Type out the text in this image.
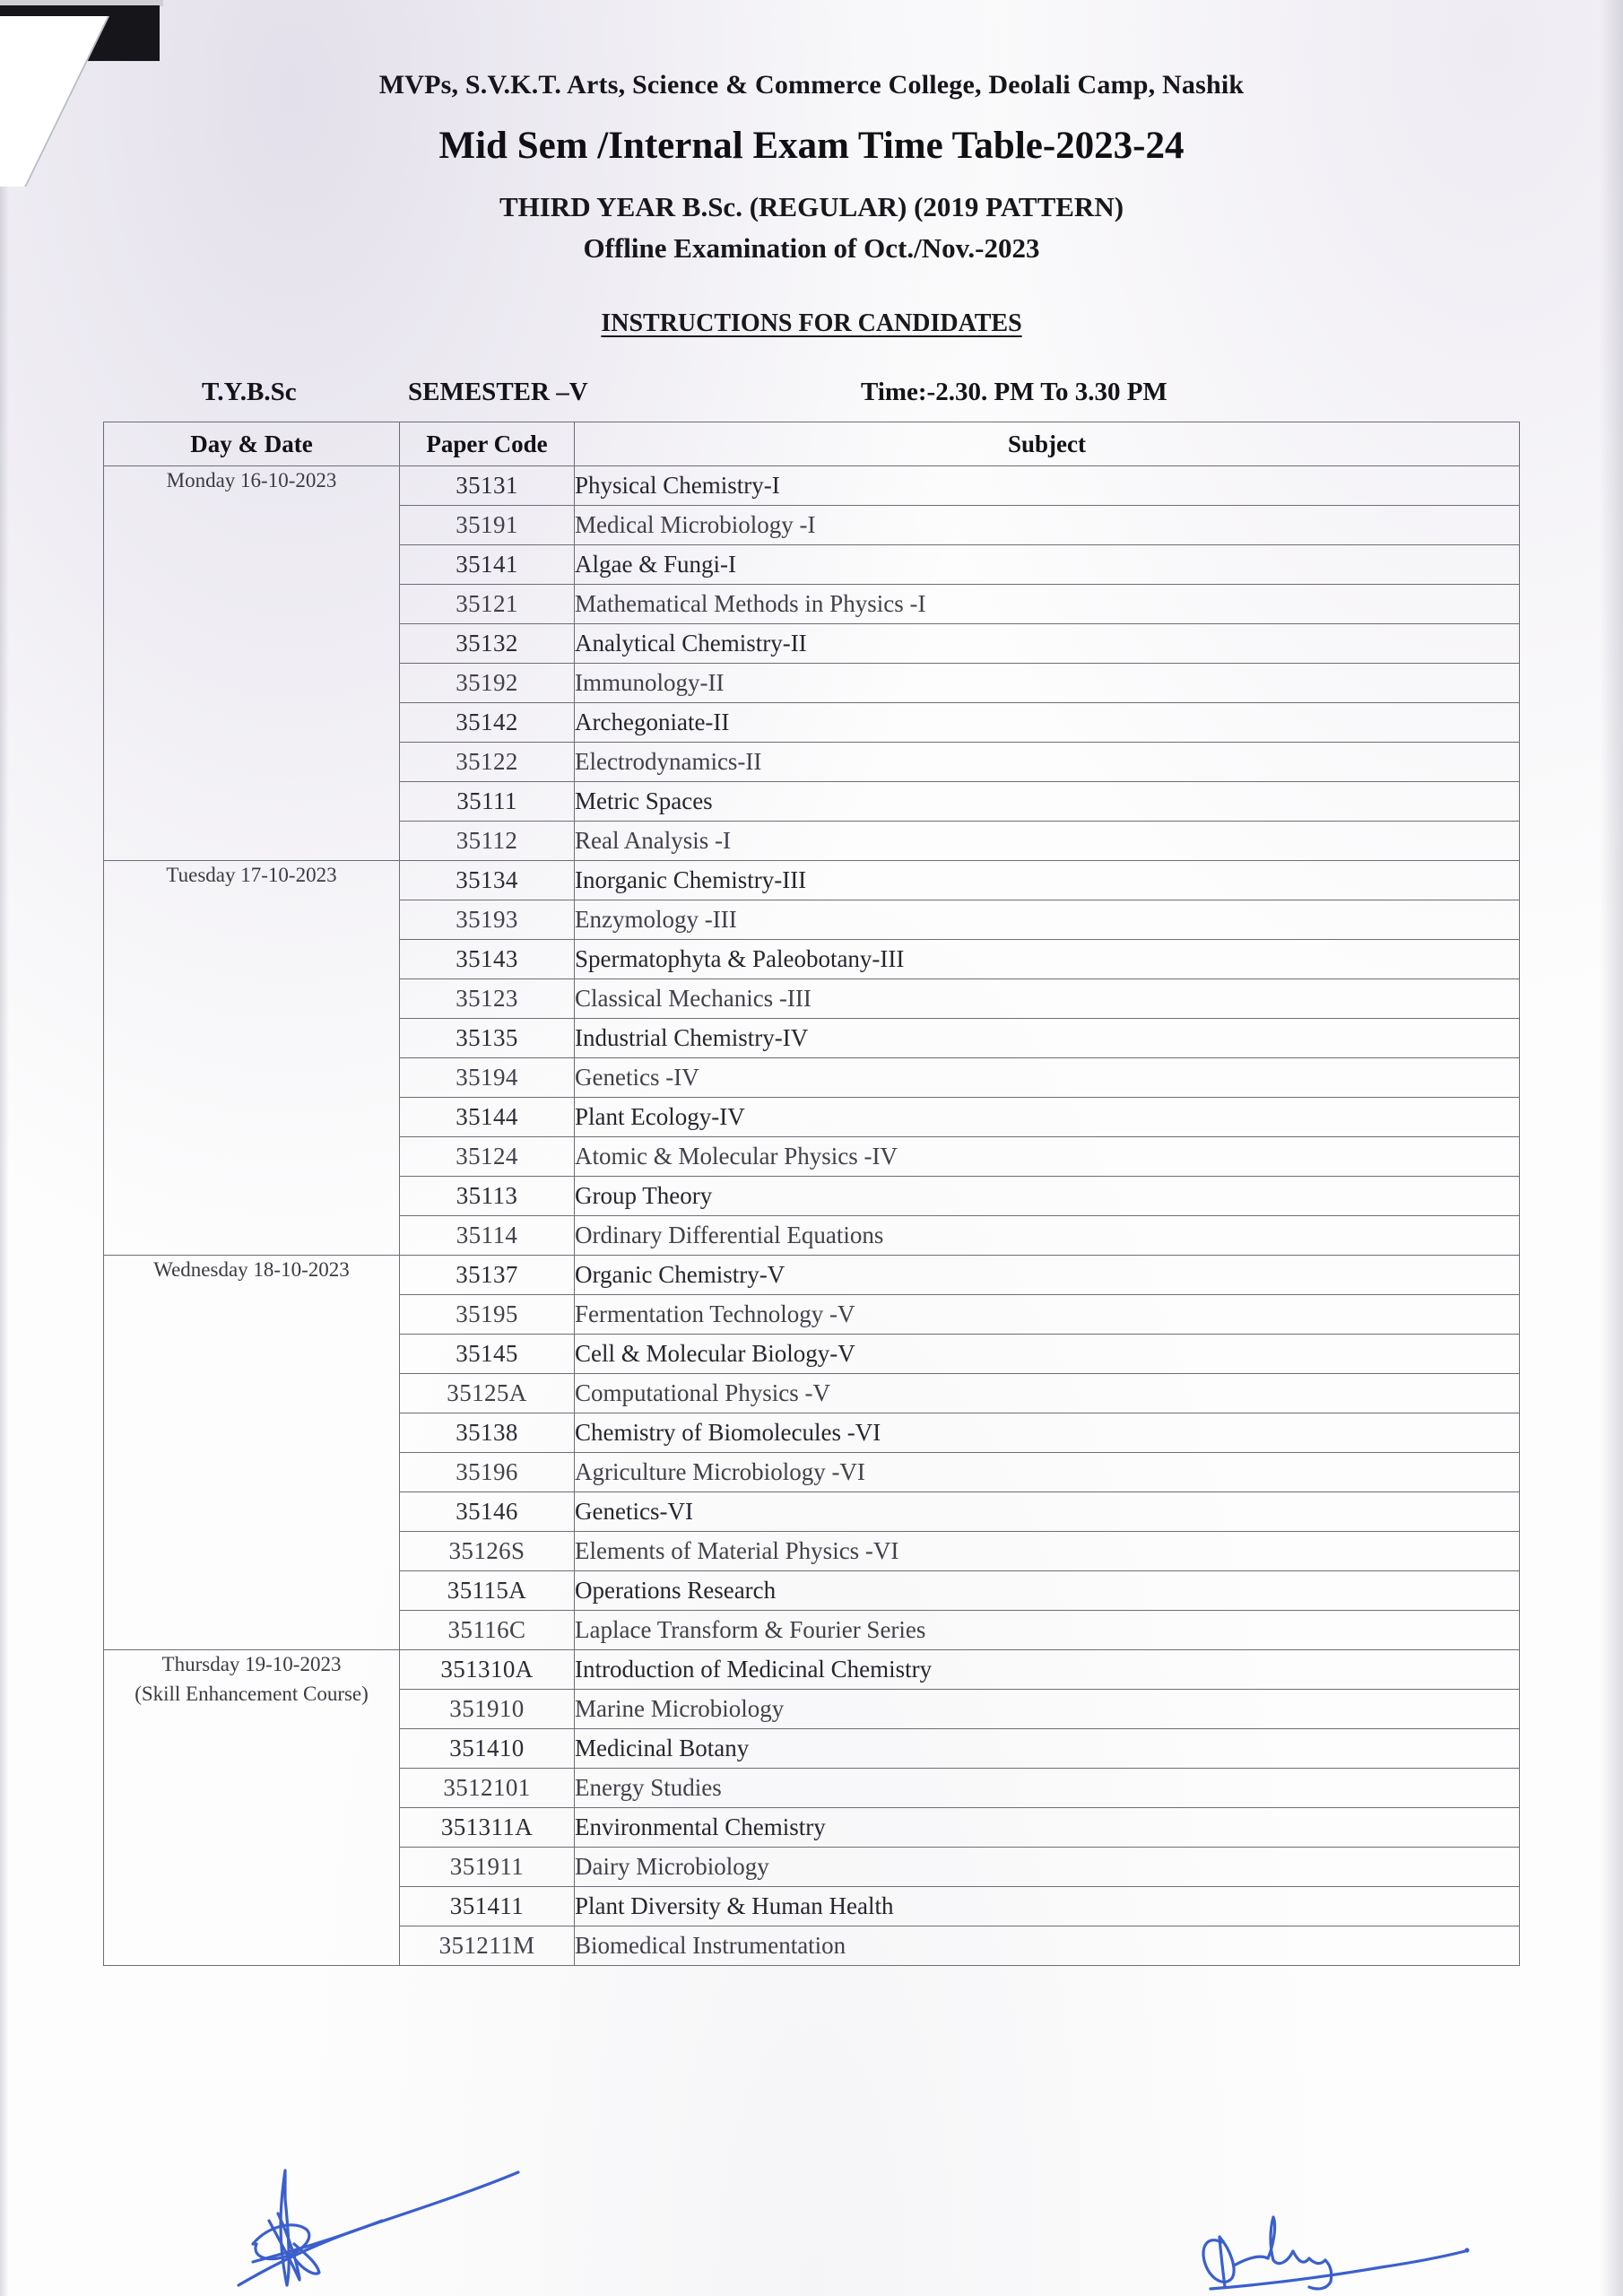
MVPs, S.V.K.T. Arts, Science & Commerce College, Deolali Camp, Nashik
Mid Sem /Internal Exam Time Table-2023-24
THIRD YEAR B.Sc. (REGULAR) (2019 PATTERN)
Offline Examination of Oct./Nov.-2023
INSTRUCTIONS FOR CANDIDATES
T.Y.B.Sc	SEMESTER –V	Time:-2.30. PM To 3.30 PM
Day & Date	Paper Code	Subject

Monday 16-10-2023	35131	Physical Chemistry-I
	35191	Medical Microbiology -I
	35141	Algae & Fungi-I
	35121	Mathematical Methods in Physics -I
	35132	Analytical Chemistry-II
	35192	Immunology-II
	35142	Archegoniate-II
	35122	Electrodynamics-II
	35111	Metric Spaces
	35112	Real Analysis -I

Tuesday 17-10-2023	35134	Inorganic Chemistry-III
	35193	Enzymology -III
	35143	Spermatophyta & Paleobotany-III
	35123	Classical Mechanics -III
	35135	Industrial Chemistry-IV
	35194	Genetics -IV
	35144	Plant Ecology-IV
	35124	Atomic & Molecular Physics -IV
	35113	Group Theory
	35114	Ordinary Differential Equations

Wednesday 18-10-2023	35137	Organic Chemistry-V
	35195	Fermentation Technology -V
	35145	Cell & Molecular Biology-V
	35125A	Computational Physics -V
	35138	Chemistry of Biomolecules -VI
	35196	Agriculture Microbiology -VI
	35146	Genetics-VI
	35126S	Elements of Material Physics -VI
	35115A	Operations Research
	35116C	Laplace Transform & Fourier Series

Thursday 19-10-2023
(Skill Enhancement Course)	351310A	Introduction of Medicinal Chemistry
	351910	Marine Microbiology
	351410	Medicinal Botany
	3512101	Energy Studies
	351311A	Environmental Chemistry
	351911	Dairy Microbiology
	351411	Plant Diversity & Human Health
	351211M	Biomedical Instrumentation
